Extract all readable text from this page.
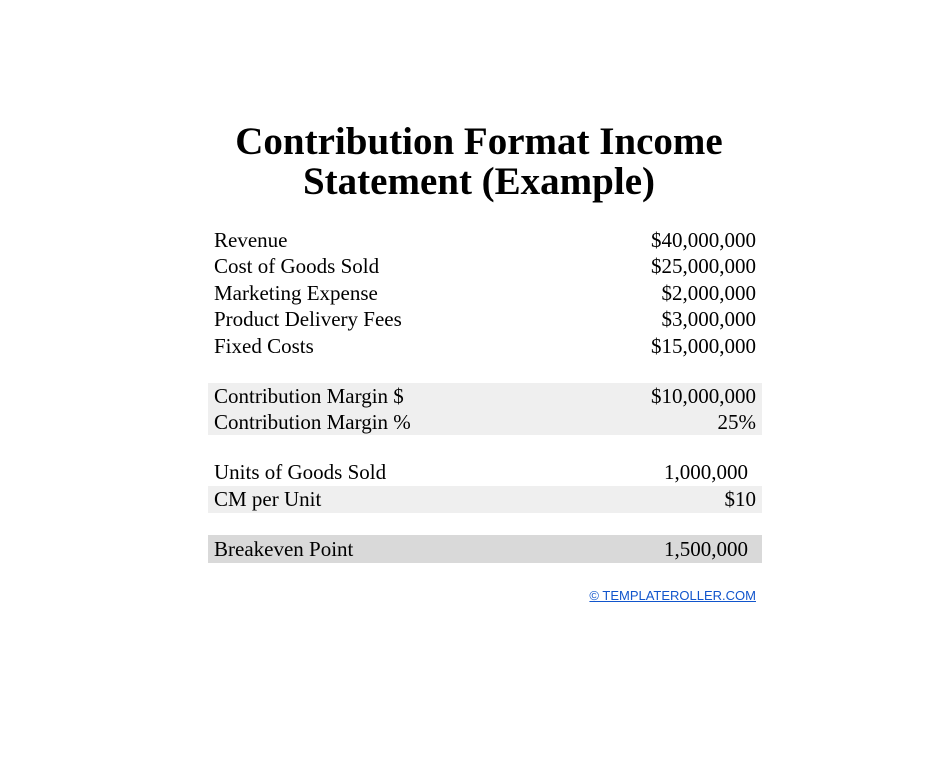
Contribution Format Income
Statement (Example)
Revenue	$40,000,000
Cost of Goods Sold	$25,000,000
Marketing Expense	$2,000,000
Product Delivery Fees	$3,000,000
Fixed Costs	$15,000,000
Contribution Margin $	$10,000,000
Contribution Margin %	25%
Units of Goods Sold	1,000,000
CM per Unit	$10
Breakeven Point	1,500,000
© TEMPLATEROLLER.COM
